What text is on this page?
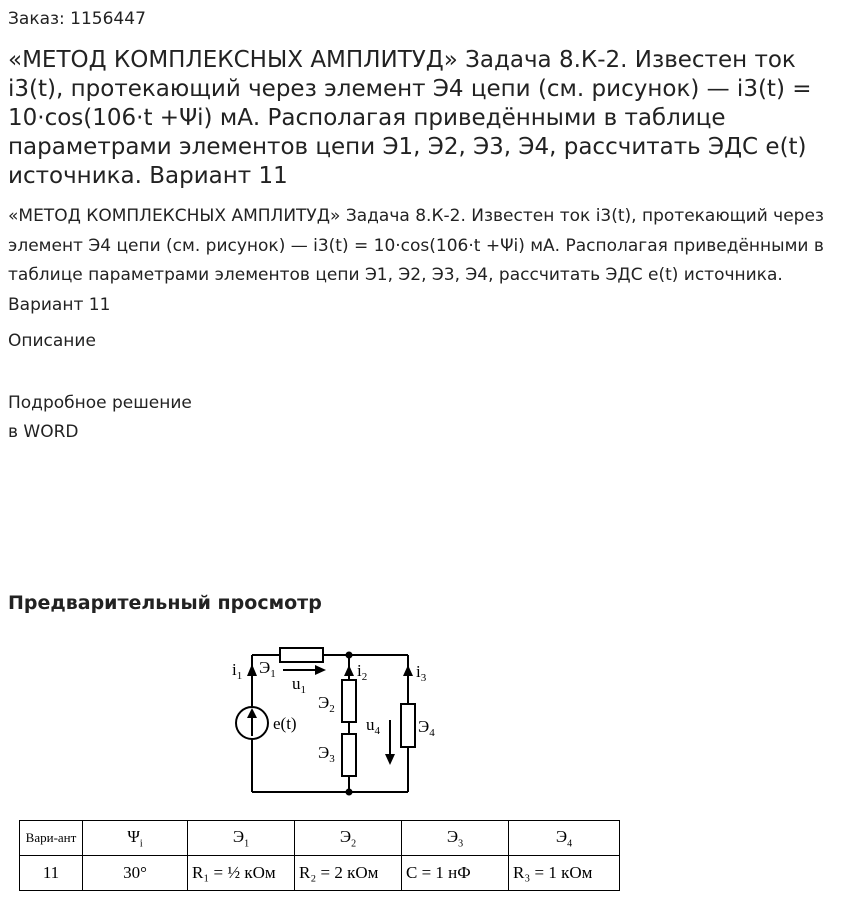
Заказ: 1156447
«МЕТОД КОМПЛЕКСНЫХ АМПЛИТУД» Задача 8.К-2. Известен ток i3(t), протекающий через элемент Э4 цепи (см. рисунок) — i3(t) = 10·cos(106·t +Ψi) мА. Располагая приведёнными в таблице параметрами элементов цепи Э1, Э2, Э3, Э4, рассчитать ЭДС e(t) источника. Вариант 11
«МЕТОД КОМПЛЕКСНЫХ АМПЛИТУД» Задача 8.К-2. Известен ток i3(t), протекающий через элемент Э4 цепи (см. рисунок) — i3(t) = 10·cos(106·t +Ψi) мА. Располагая приведёнными в таблице параметрами элементов цепи Э1, Э2, Э3, Э4, рассчитать ЭДС e(t) источника. Вариант 11
Описание
Подробное решение
в WORD
Предварительный просмотр
$i_1$ $Э_1$ $u_1$
$i_2$	$i_3$
$Э_2$
$Э_3$
$Э_4$
$u_4$
e(t)
Вари-ант	$\Psi_i$	$Э_1$	$Э_2$	$Э_3$	$Э_4$
11	30°	R₁ = ½ кОм	R₂ = 2 кОм	C = 1 нФ	R₃ = 1 кОм
